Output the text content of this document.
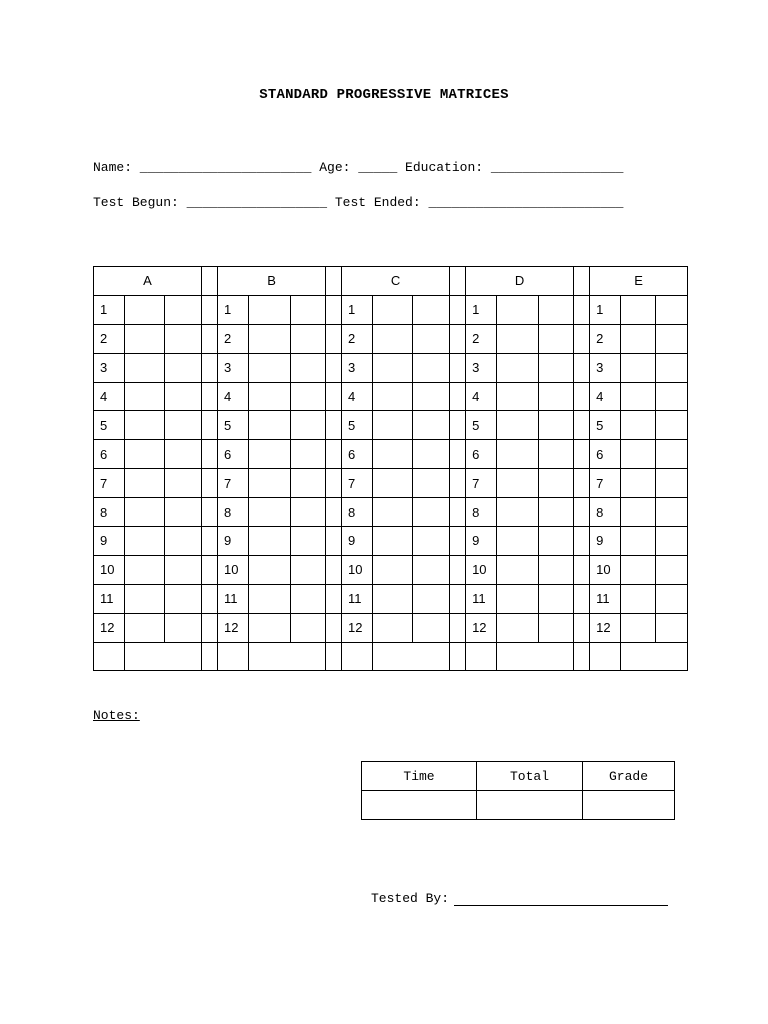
STANDARD PROGRESSIVE MATRICES
Name: ______________________ Age: _____ Education: _________________
Test Begun: __________________ Test Ended: _________________________
A				B				C				D				E		
1				1				1				1				1		
2				2				2				2				2		
3				3				3				3				3		
4				4				4				4				4		
5				5				5				5				5		
6				6				6				6				6		
7				7				7				7				7		
8				8				8				8				8		
9				9				9				9				9		
10				10				10				10				10		
11				11				11				11				11		
12				12				12				12				12		

Notes:
Time	Total	Grade

Tested By:
